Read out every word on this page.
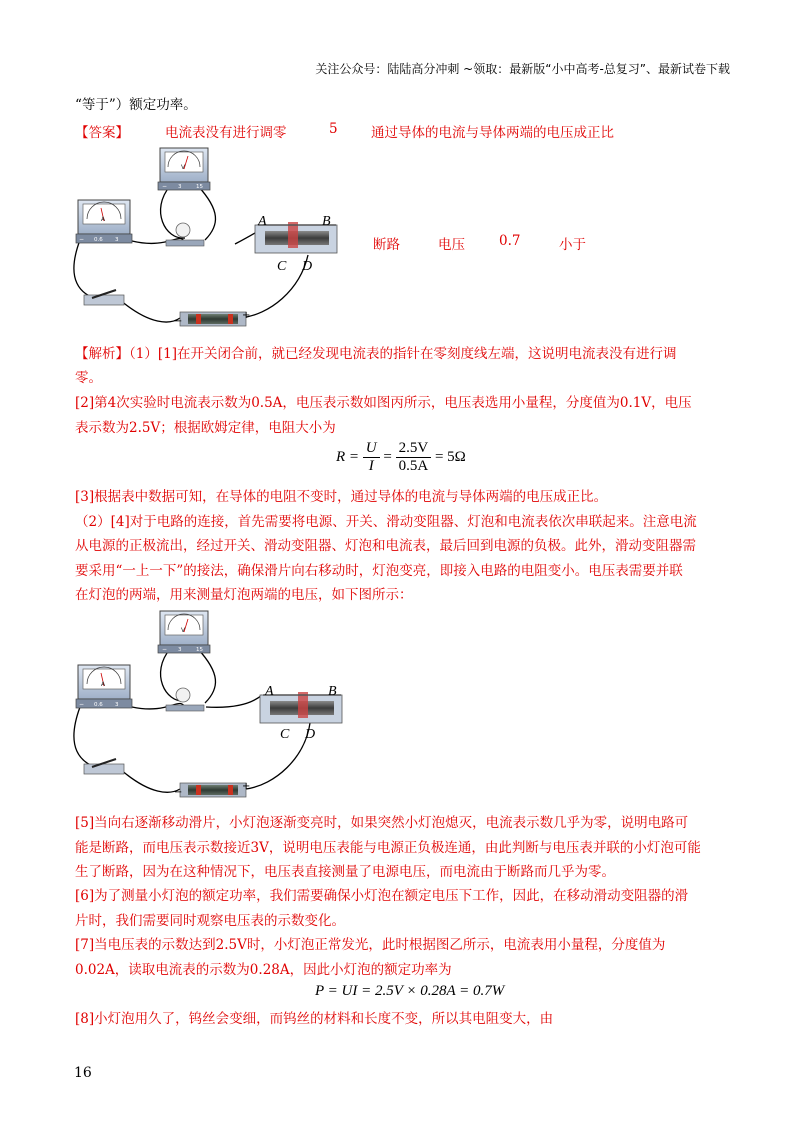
关注公众号：陆陆高分冲刺 ~领取：最新版“小中高考-总复习”、最新试卷下载
“等于”）额定功率。
【答案】	电流表没有进行调零	5 通过导体的电流与导体两端的电压成正比
断路	电压	0.7	小于
V
− 3	15
A
− 0.6 3
A	B
C D
−
+
【解析】（1）[1]在开关闭合前，就已经发现电流表的指针在零刻度线左端，这说明电流表没有进行调
零。
[2]第4次实验时电流表示数为0.5A，电压表示数如图丙所示，电压表选用小量程，分度值为0.1V，电压
表示数为2.5V；根据欧姆定律，电阻大小为
$R = \frac{U}{I} = \frac{2.5V}{0.5A} = 5\Omega$
[3]根据表中数据可知，在导体的电阻不变时，通过导体的电流与导体两端的电压成正比。
（2）[4]对于电路的连接，首先需要将电源、开关、滑动变阻器、灯泡和电流表依次串联起来。注意电流
从电源的正极流出，经过开关、滑动变阻器、灯泡和电流表，最后回到电源的负极。此外，滑动变阻器需
要采用“一上一下”的接法，确保滑片向右移动时，灯泡变亮，即接入电路的电阻变小。电压表需要并联
在灯泡的两端，用来测量灯泡两端的电压，如下图所示：
V
− 3	15
A
− 0.6 3
A	B
C D
−
+
[5]当向右逐渐移动滑片，小灯泡逐渐变亮时，如果突然小灯泡熄灭，电流表示数几乎为零，说明电路可
能是断路，而电压表示数接近3V，说明电压表能与电源正负极连通，由此判断与电压表并联的小灯泡可能
生了断路，因为在这种情况下，电压表直接测量了电源电压，而电流由于断路而几乎为零。
[6]为了测量小灯泡的额定功率，我们需要确保小灯泡在额定电压下工作，因此，在移动滑动变阻器的滑
片时，我们需要同时观察电压表的示数变化。
[7]当电压表的示数达到2.5V时，小灯泡正常发光，此时根据图乙所示，电流表用小量程，分度值为
0.02A，读取电流表的示数为0.28A，因此小灯泡的额定功率为
P = UI = 2.5V × 0.28A = 0.7W
[8]小灯泡用久了，钨丝会变细，而钨丝的材料和长度不变，所以其电阻变大，由
16
